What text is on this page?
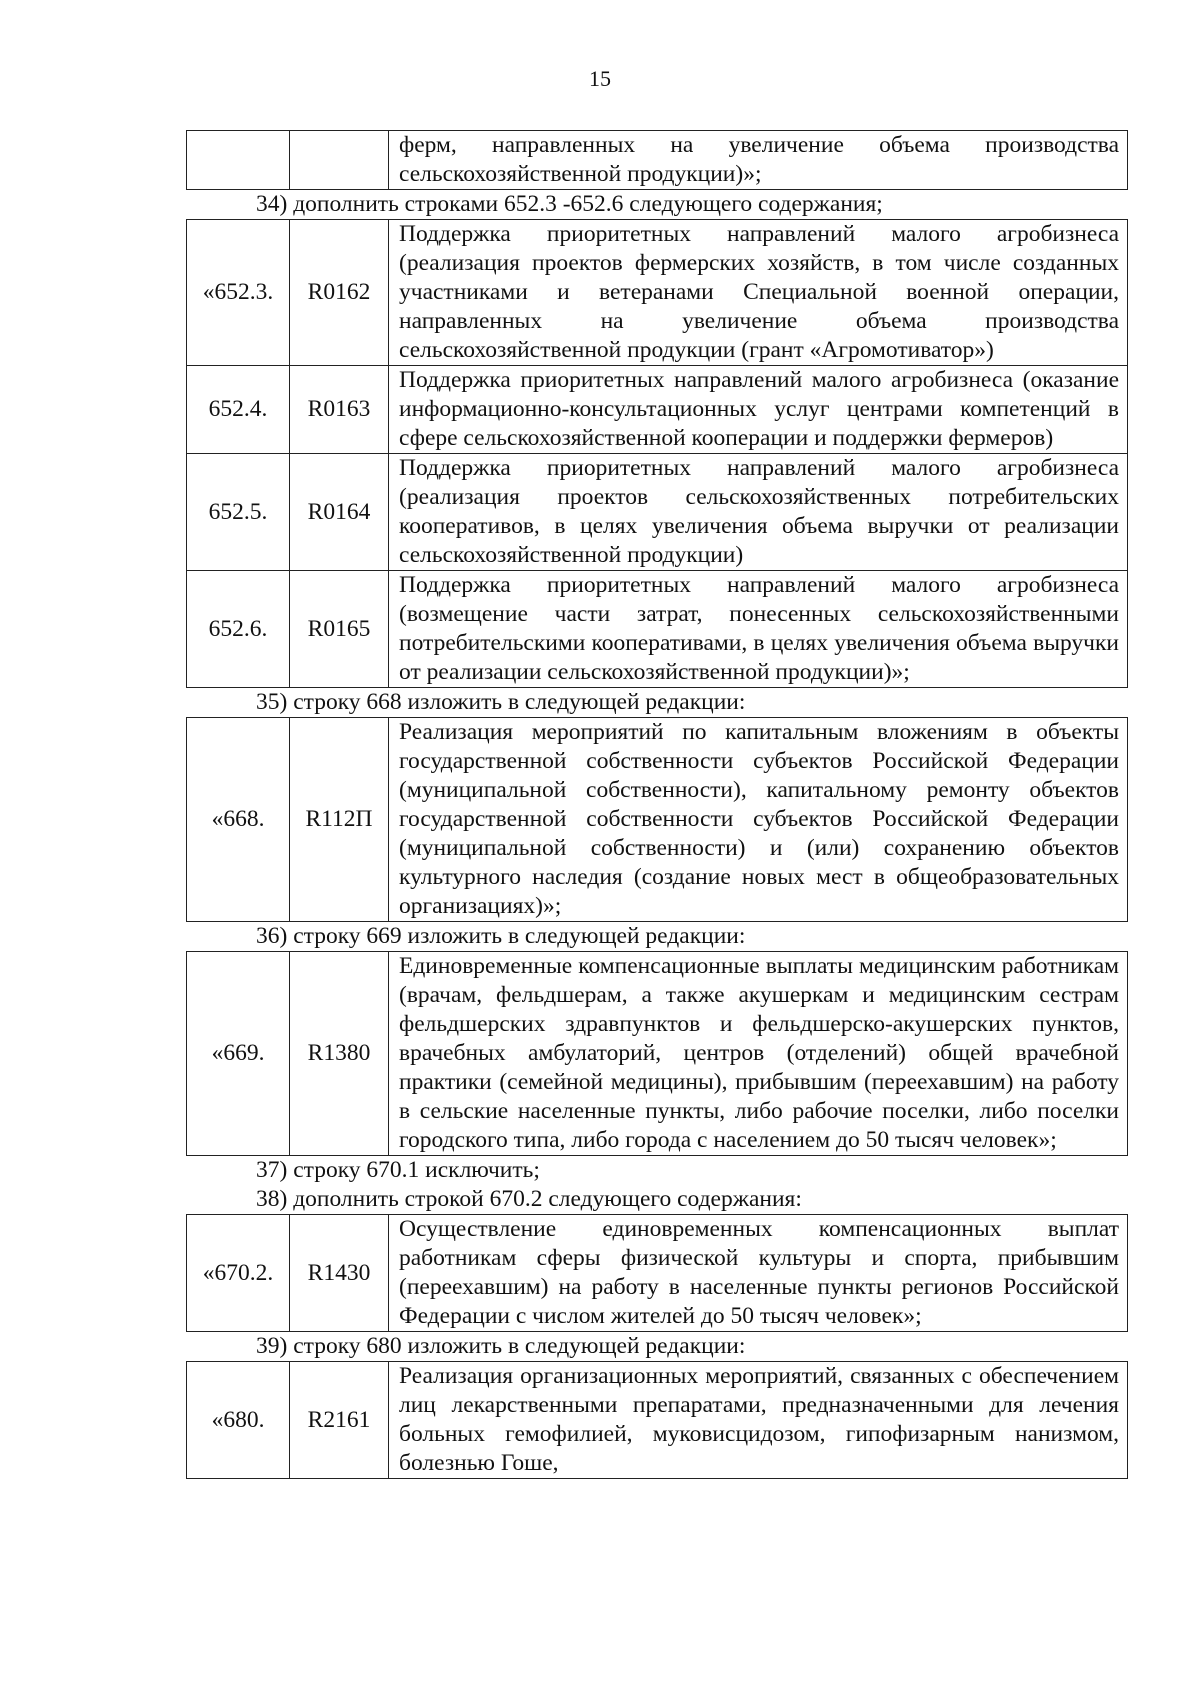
15
		ферм, направленных на увеличение объема производства сельскохозяйственной продукции)»;
34) дополнить строками 652.3 -652.6 следующего содержания;
«652.3.	R0162	Поддержка приоритетных направлений малого агробизнеса (реализация проектов фермерских хозяйств, в том числе созданных участниками и ветеранами Специальной военной операции, направленных на увеличение объема производства сельскохозяйственной продукции (грант «Агромотиватор»)
652.4.	R0163	Поддержка приоритетных направлений малого агробизнеса (оказание информационно-консультационных услуг центрами компетенций в сфере сельскохозяйственной кооперации и поддержки фермеров)
652.5.	R0164	Поддержка приоритетных направлений малого агробизнеса (реализация проектов сельскохозяйственных потребительских кооперативов, в целях увеличения объема выручки от реализации сельскохозяйственной продукции)
652.6.	R0165	Поддержка приоритетных направлений малого агробизнеса (возмещение части затрат, понесенных сельскохозяйственными потребительскими кооперативами, в целях увеличения объема выручки от реализации сельскохозяйственной продукции)»;
35) строку 668 изложить в следующей редакции:
«668.	R112П	Реализация мероприятий по капитальным вложениям в объекты государственной собственности субъектов Российской Федерации (муниципальной собственности), капитальному ремонту объектов государственной собственности субъектов Российской Федерации (муниципальной собственности) и (или) сохранению объектов культурного наследия (создание новых мест в общеобразовательных организациях)»;
36) строку 669 изложить в следующей редакции:
«669.	R1380	Единовременные компенсационные выплаты медицинским работникам (врачам, фельдшерам, а также акушеркам и медицинским сестрам фельдшерских здравпунктов и фельдшерско-акушерских пунктов, врачебных амбулаторий, центров (отделений) общей врачебной практики (семейной медицины), прибывшим (переехавшим) на работу в сельские населенные пункты, либо рабочие поселки, либо поселки городского типа, либо города с населением до 50 тысяч человек»;
37) строку 670.1 исключить;
38) дополнить строкой 670.2 следующего содержания:
«670.2.	R1430	Осуществление единовременных компенсационных выплат работникам сферы физической культуры и спорта, прибывшим (переехавшим) на работу в населенные пункты регионов Российской Федерации с числом жителей до 50 тысяч человек»;
39) строку 680 изложить в следующей редакции:
«680.	R2161	Реализация организационных мероприятий, связанных с обеспечением лиц лекарственными препаратами, предназначенными для лечения больных гемофилией, муковисцидозом, гипофизарным нанизмом, болезнью Гоше,
